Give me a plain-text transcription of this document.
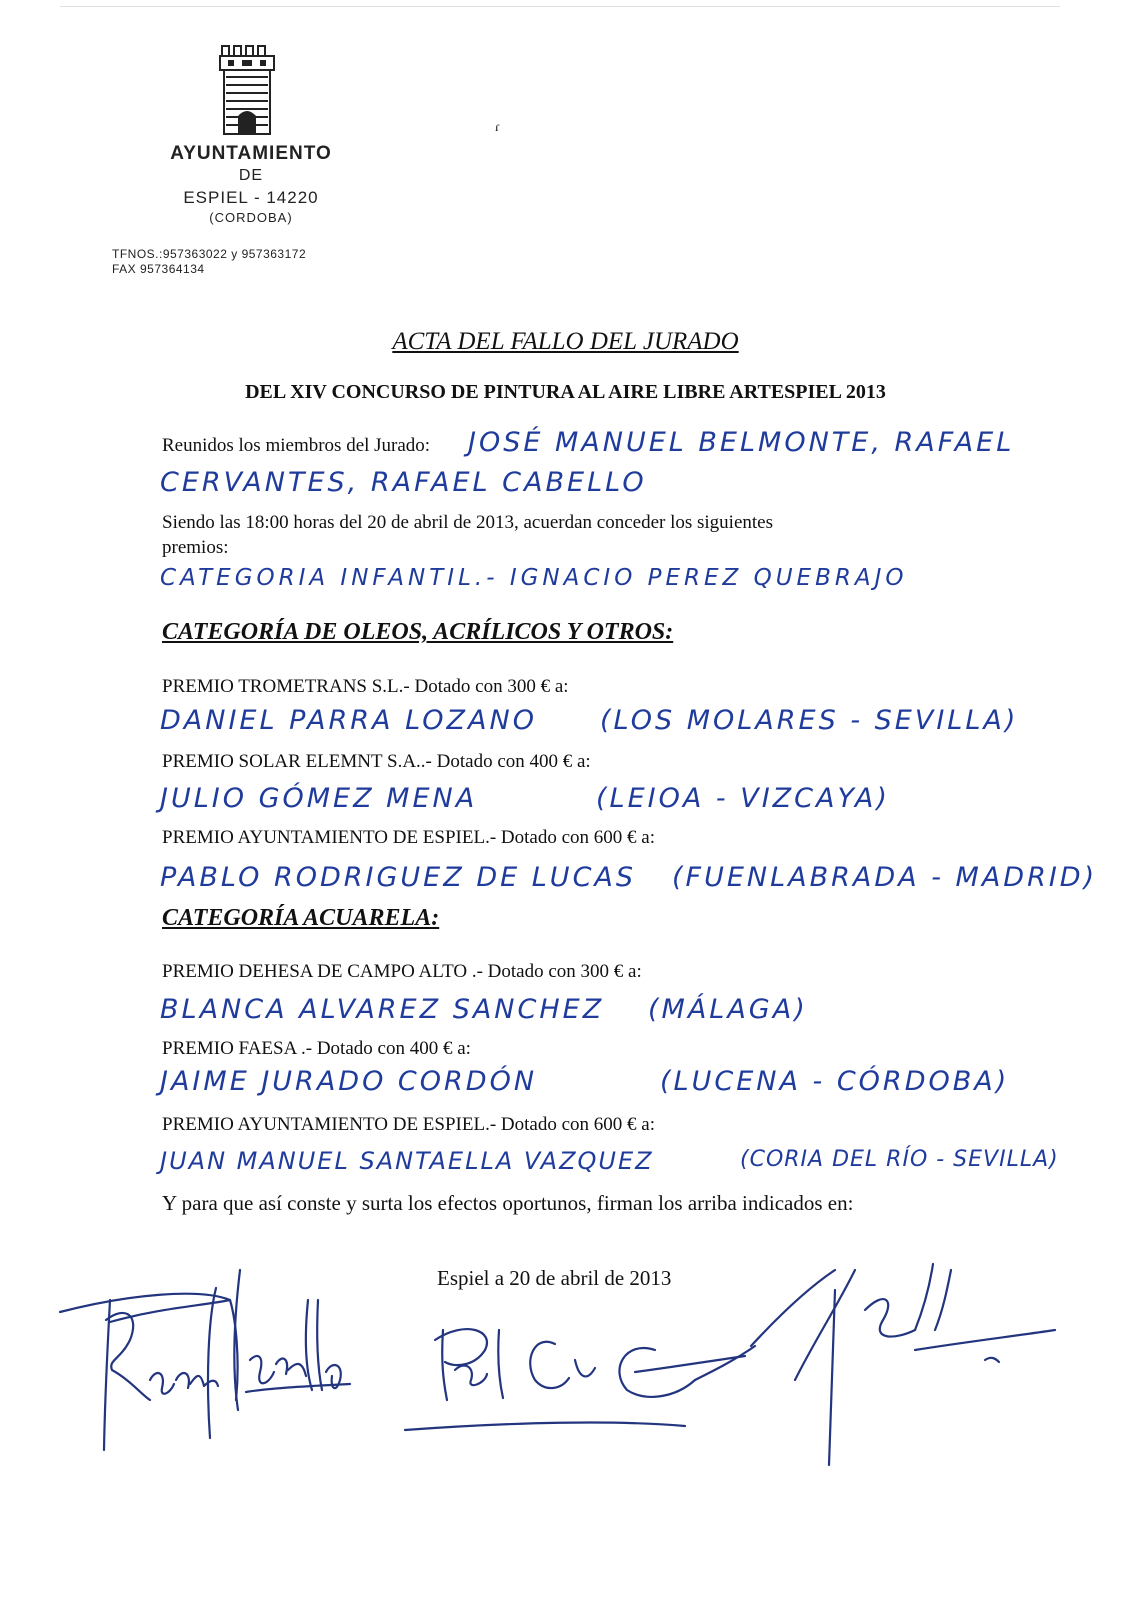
AYUNTAMIENTO
DE
ESPIEL - 14220
(CORDOBA)
TFNOS.:957363022 y 957363172
FAX 957364134
ɾ
ACTA DEL FALLO DEL JURADO
DEL XIV CONCURSO DE PINTURA AL AIRE LIBRE ARTESPIEL 2013
Reunidos los miembros del Jurado: JOSÉ MANUEL BELMONTE, RAFAEL
CERVANTES, RAFAEL CABELLO
Siendo las 18:00 horas del 20 de abril de 2013, acuerdan conceder los siguientes
premios:
CATEGORIA INFANTIL.- IGNACIO PEREZ QUEBRAJO
CATEGORÍA DE OLEOS, ACRÍLICOS Y OTROS:
PREMIO TROMETRANS S.L.- Dotado con 300 € a:
DANIEL PARRA LOZANO (LOS MOLARES - SEVILLA)
PREMIO SOLAR ELEMNT S.A..- Dotado con 400 € a:
JULIO GÓMEZ MENA	(LEIOA - VIZCAYA)
PREMIO AYUNTAMIENTO DE ESPIEL.- Dotado con 600 € a:
PABLO RODRIGUEZ DE LUCAS (FUENLABRADA - MADRID)
CATEGORÍA ACUARELA:
PREMIO DEHESA DE CAMPO ALTO .- Dotado con 300 € a:
BLANCA ALVAREZ SANCHEZ (MÁLAGA)
PREMIO FAESA .- Dotado con 400 € a:
JAIME JURADO CORDÓN	(LUCENA - CÓRDOBA)
PREMIO AYUNTAMIENTO DE ESPIEL.- Dotado con 600 € a:
JUAN MANUEL SANTAELLA VAZQUEZ	(CORIA DEL RÍO - SEVILLA)
Y para que así conste y surta los efectos oportunos, firman los arriba indicados en:
Espiel a 20 de abril de 2013
